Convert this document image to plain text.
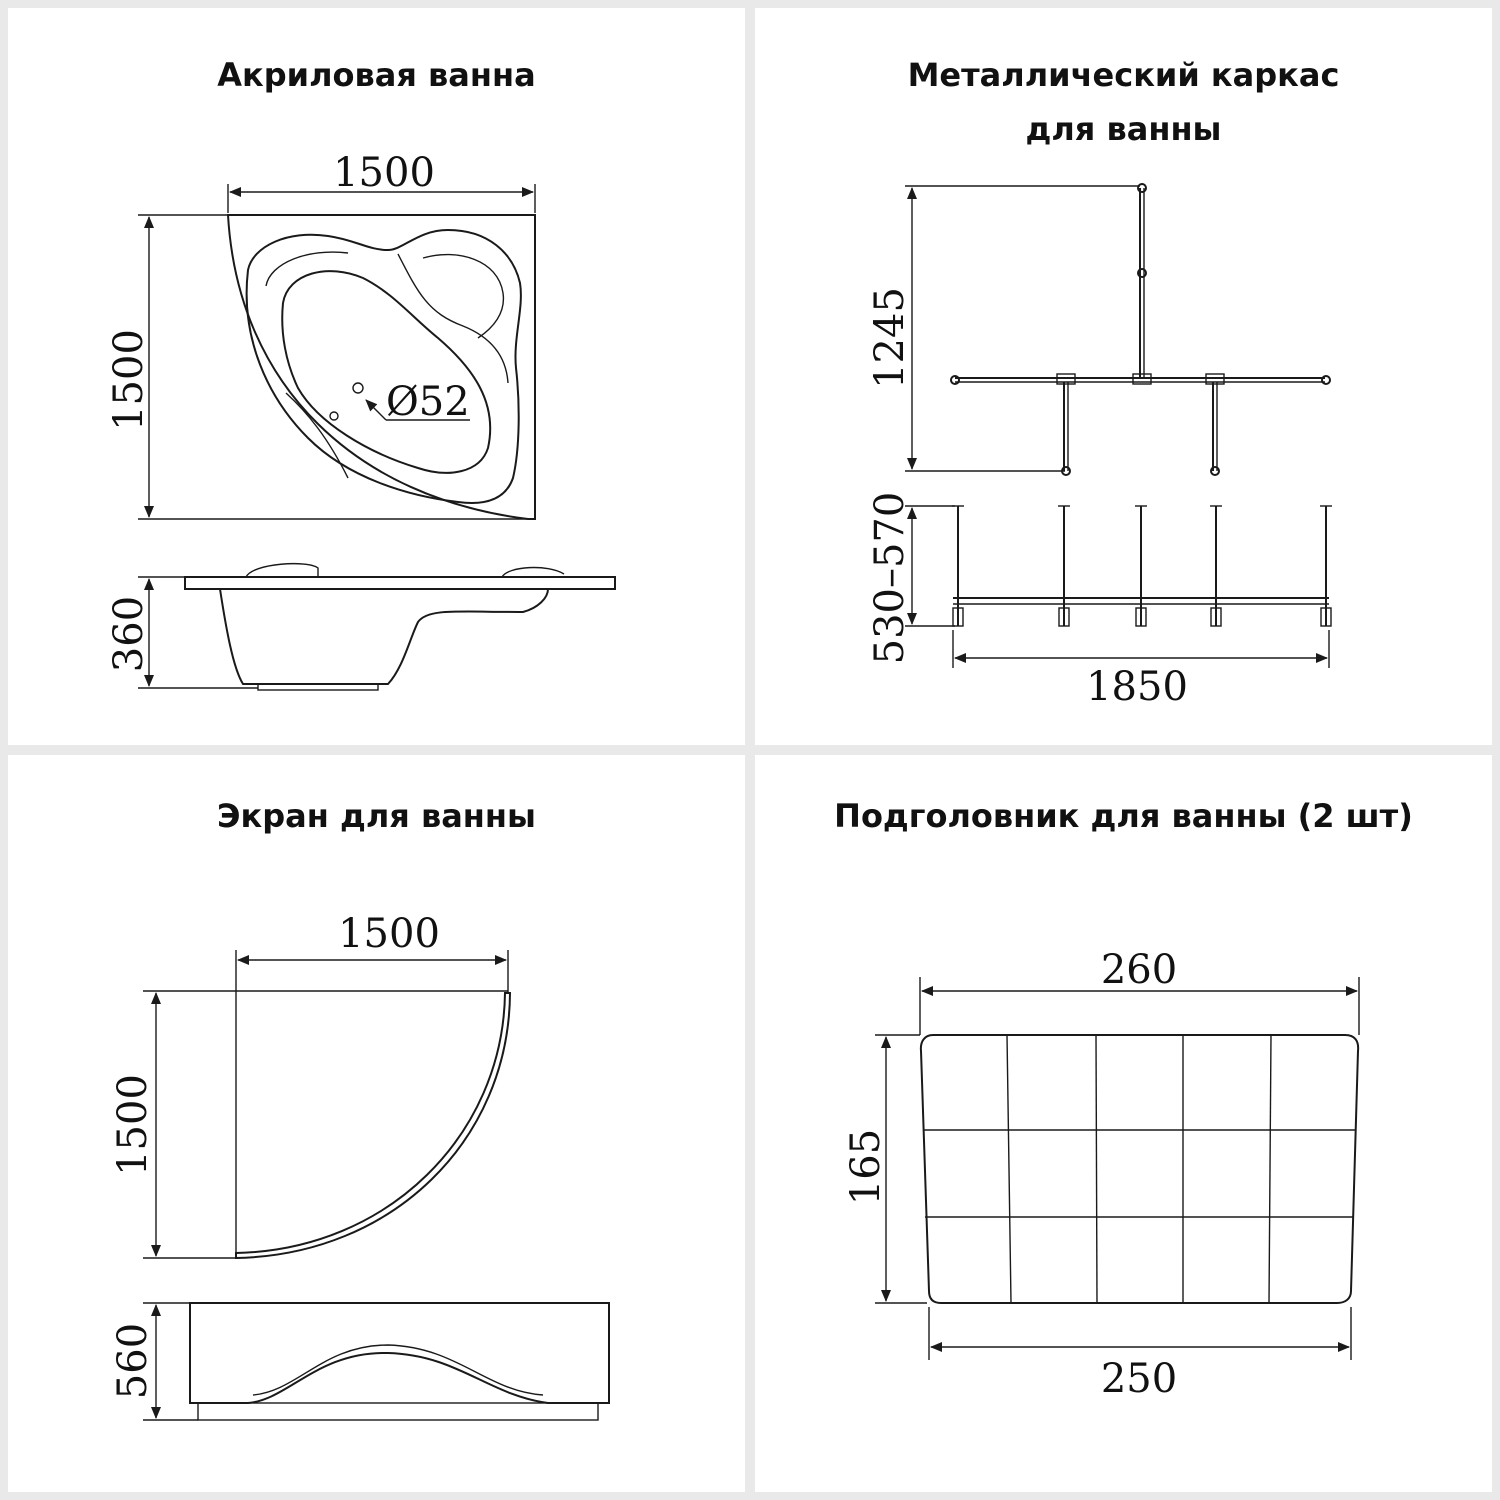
Акриловая ванна
1500
1500	Ø52
360
Металлический каркас
для ванны
1245
530–570
1850
Экран для ванны
1500
1500
560
Подголовник для ванны (2 шт)
260
165
250
